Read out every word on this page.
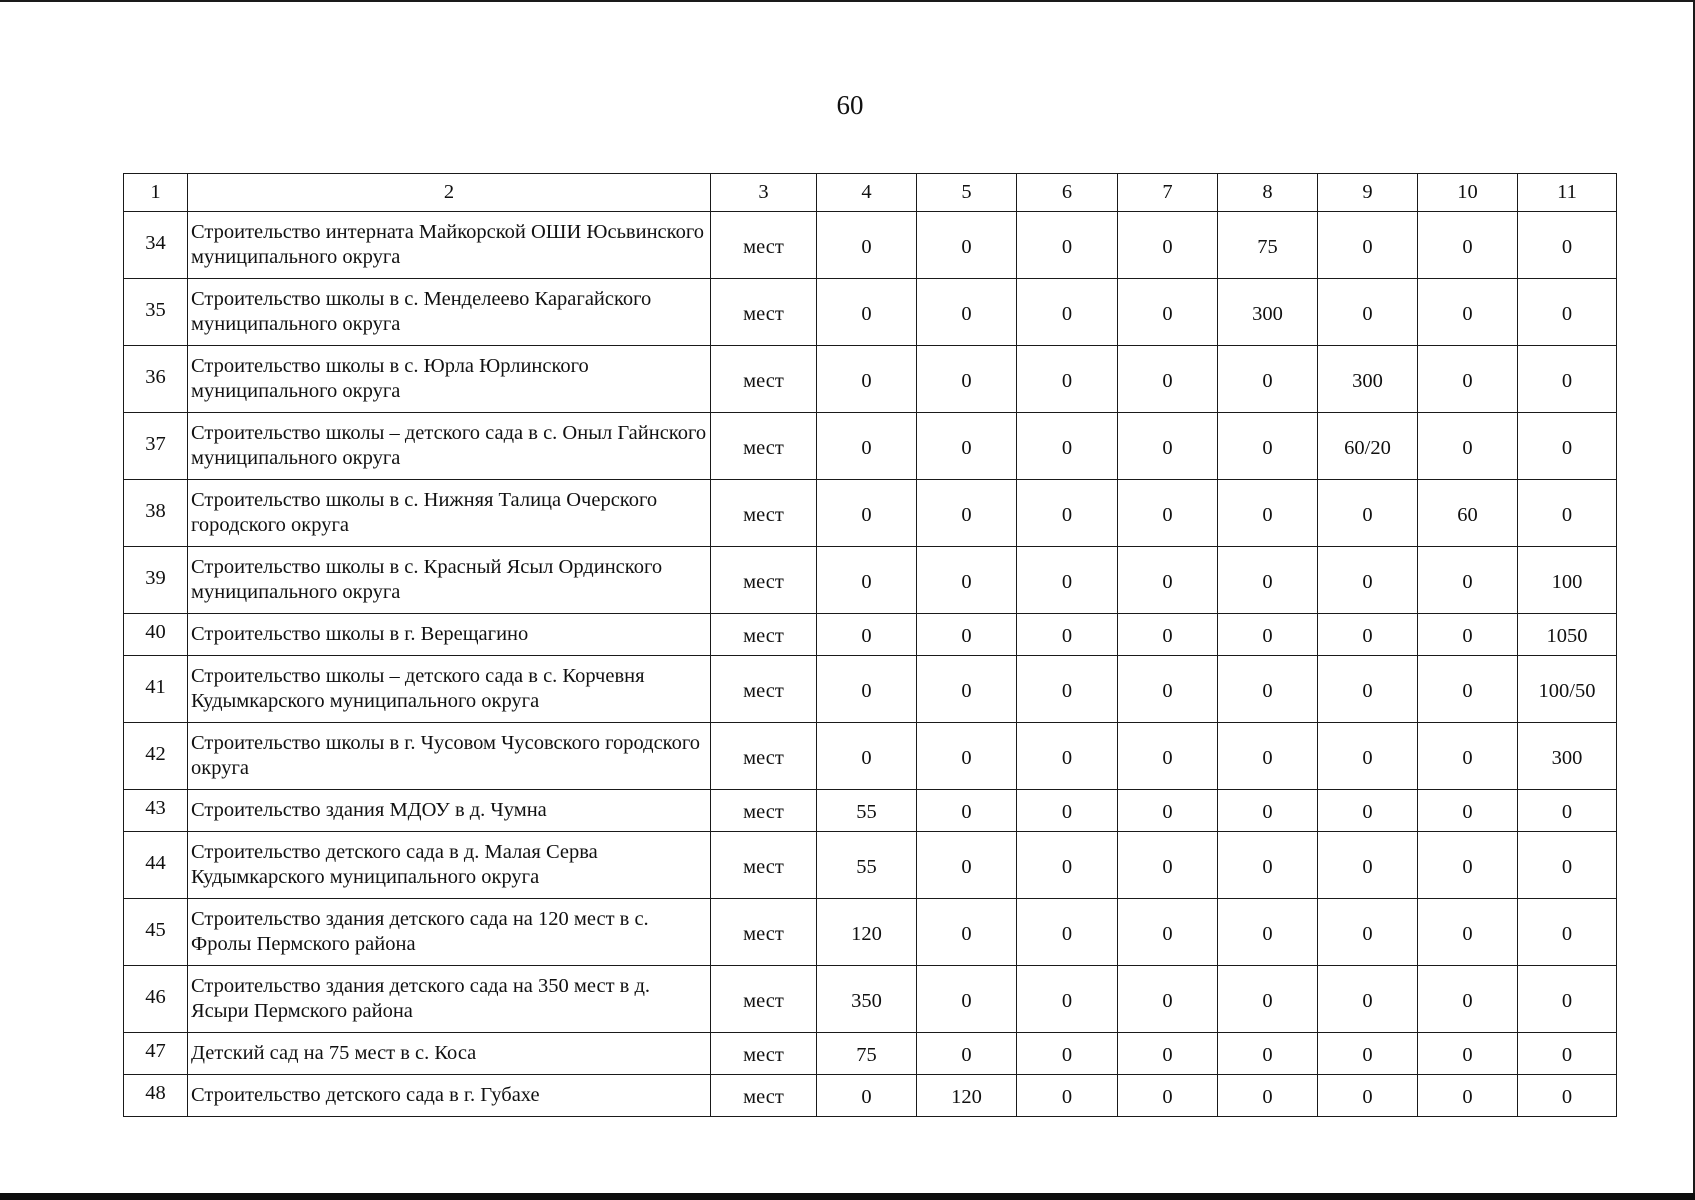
60
1	2	3	4	5	6	7	8	9	10	11
34	Строительство интерната Майкорской ОШИ Юсьвинского муниципального округа	мест	0	0	0	0	75	0	0	0
35	Строительство школы в с. Менделеево Карагайского муниципального округа	мест	0	0	0	0	300	0	0	0
36	Строительство школы в с. Юрла Юрлинского муниципального округа	мест	0	0	0	0	0	300	0	0
37	Строительство школы – детского сада в с. Оныл Гайнского муниципального округа	мест	0	0	0	0	0	60/20	0	0
38	Строительство школы в с. Нижняя Талица Очерского городского округа	мест	0	0	0	0	0	0	60	0
39	Строительство школы в с. Красный Ясыл Ординского муниципального округа	мест	0	0	0	0	0	0	0	100
40	Строительство школы в г. Верещагино	мест	0	0	0	0	0	0	0	1050
41	Строительство школы – детского сада в с. Корчевня Кудымкарского муниципального округа	мест	0	0	0	0	0	0	0	100/50
42	Строительство школы в г. Чусовом Чусовского городского округа	мест	0	0	0	0	0	0	0	300
43	Строительство здания МДОУ в д. Чумна	мест	55	0	0	0	0	0	0	0
44	Строительство детского сада в д. Малая Серва Кудымкарского муниципального округа	мест	55	0	0	0	0	0	0	0
45	Строительство здания детского сада на 120 мест в с. Фролы Пермского района	мест	120	0	0	0	0	0	0	0
46	Строительство здания детского сада на 350 мест в д. Ясыри Пермского района	мест	350	0	0	0	0	0	0	0
47	Детский сад на 75 мест в с. Коса	мест	75	0	0	0	0	0	0	0
48	Строительство детского сада в г. Губахе	мест	0	120	0	0	0	0	0	0
